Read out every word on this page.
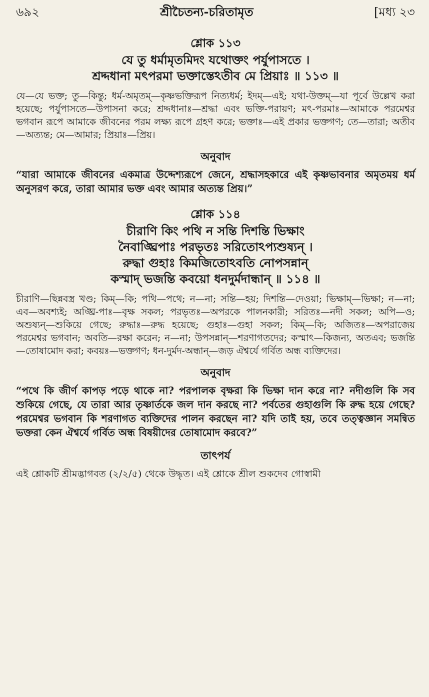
৬৯২	শ্রীচৈতন্য-চরিতামৃত	[মধ্য ২৩
শ্লোক ১১৩
যে তু ধর্মামৃতমিদং যথোক্তং পর্যুপাসতে ।
শ্রদ্দধানা মৎপরমা ভক্তাস্তেঽতীব মে প্রিয়াঃ ॥ ১১৩ ॥

যে—যে ভক্ত; তু—কিন্তু; ধর্ম-অমৃতম্—কৃষ্ণভক্তিরূপ নিত্যধর্ম; ইদম্—এই; যথা-উক্তম্—যা পূর্বে উল্লেখ করা হয়েছে; পর্যুপাসতে—উপাসনা করে; শ্রদ্দধানাঃ—শ্রদ্ধা এবং ভক্তি-পরায়ণ; মৎ-পরমাঃ—আমাকে পরমেশ্বর ভগবান রূপে আমাকে জীবনের পরম লক্ষ্য রূপে গ্রহণ করে; ভক্তাঃ—এই প্রকার ভক্তগণ; তে—তারা; অতীব—অত্যন্ত; মে—আমার; প্রিয়াঃ—প্রিয়।

অনুবাদ

“যারা আমাকে জীবনের একমাত্র উদ্দেশ্যরূপে জেনে, শ্রদ্ধাসহকারে এই কৃষ্ণভাবনার অমৃতময় ধর্ম অনুসরণ করে, তারা আমার ভক্ত এবং আমার অত্যন্ত প্রিয়।”

শ্লোক ১১৪
চীরাণি কিং পথি ন সন্তি দিশন্তি ভিক্ষাং
নৈবাঙ্ঘ্রিপাঃ পরভৃতঃ সরিতোঽপ্যশুষ্যন্ ।
রুদ্ধা গুহাঃ কিমজিতোঽবতি নোপসন্নান্
কস্মাদ্ ভজন্তি কবয়ো ধনদুর্মদান্ধান্ ॥ ১১৪ ॥

চীরাণি—ছিন্নবস্ত্র খণ্ড; কিম্—কি; পথি—পথে; ন—না; সন্তি—হয়; দিশন্তি—দেওয়া; ভিক্ষাম্—ভিক্ষা; ন—না; এব—অবশ্যই; অঙ্ঘ্রি-পাঃ—বৃক্ষ সকল; পরভৃতঃ—অপরকে পালনকারী; সরিতঃ—নদী সকল; অপি—ও; অশুষ্যন্—শুকিয়ে গেছে; রুদ্ধাঃ—রুদ্ধ হয়েছে; গুহাঃ—গুহা সকল; কিম্—কি; অজিতঃ—অপরাজেয় পরমেশ্বর ভগবান; অবতি—রক্ষা করেন; ন—না; উপসন্নান্—শরণাগতদের; কস্মাৎ—কিজন্য, অতএব; ভজন্তি—তোষামোদ করা; কবয়ঃ—ভক্তগণ; ধন-দুর্মদ-অন্ধান্—জড় ঐশ্বর্যে গর্বিত অন্ধ ব্যক্তিদের।

অনুবাদ

“পথে কি জীর্ণ কাপড় পড়ে থাকে না? পরপালক বৃক্ষরা কি ভিক্ষা দান করে না? নদীগুলি কি সব শুকিয়ে গেছে, যে তারা আর তৃষ্ণার্তকে জল দান করছে না? পর্বতের গুহাগুলি কি রুদ্ধ হয়ে গেছে? পরমেশ্বর ভগবান কি শরণাগত ব্যক্তিদের পালন করছেন না? যদি তাই হয়, তবে তত্ত্বজ্ঞান সমন্বিত ভক্তরা কেন ঐশ্বর্যে গর্বিত অন্ধ বিষয়ীদের তোষামোদ করবে?”

তাৎপর্য

এই শ্লোকটি শ্রীমদ্ভাগবত (২/২/৫) থেকে উদ্ধৃত। এই শ্লোকে শ্রীল শুকদেব গোস্বামী
